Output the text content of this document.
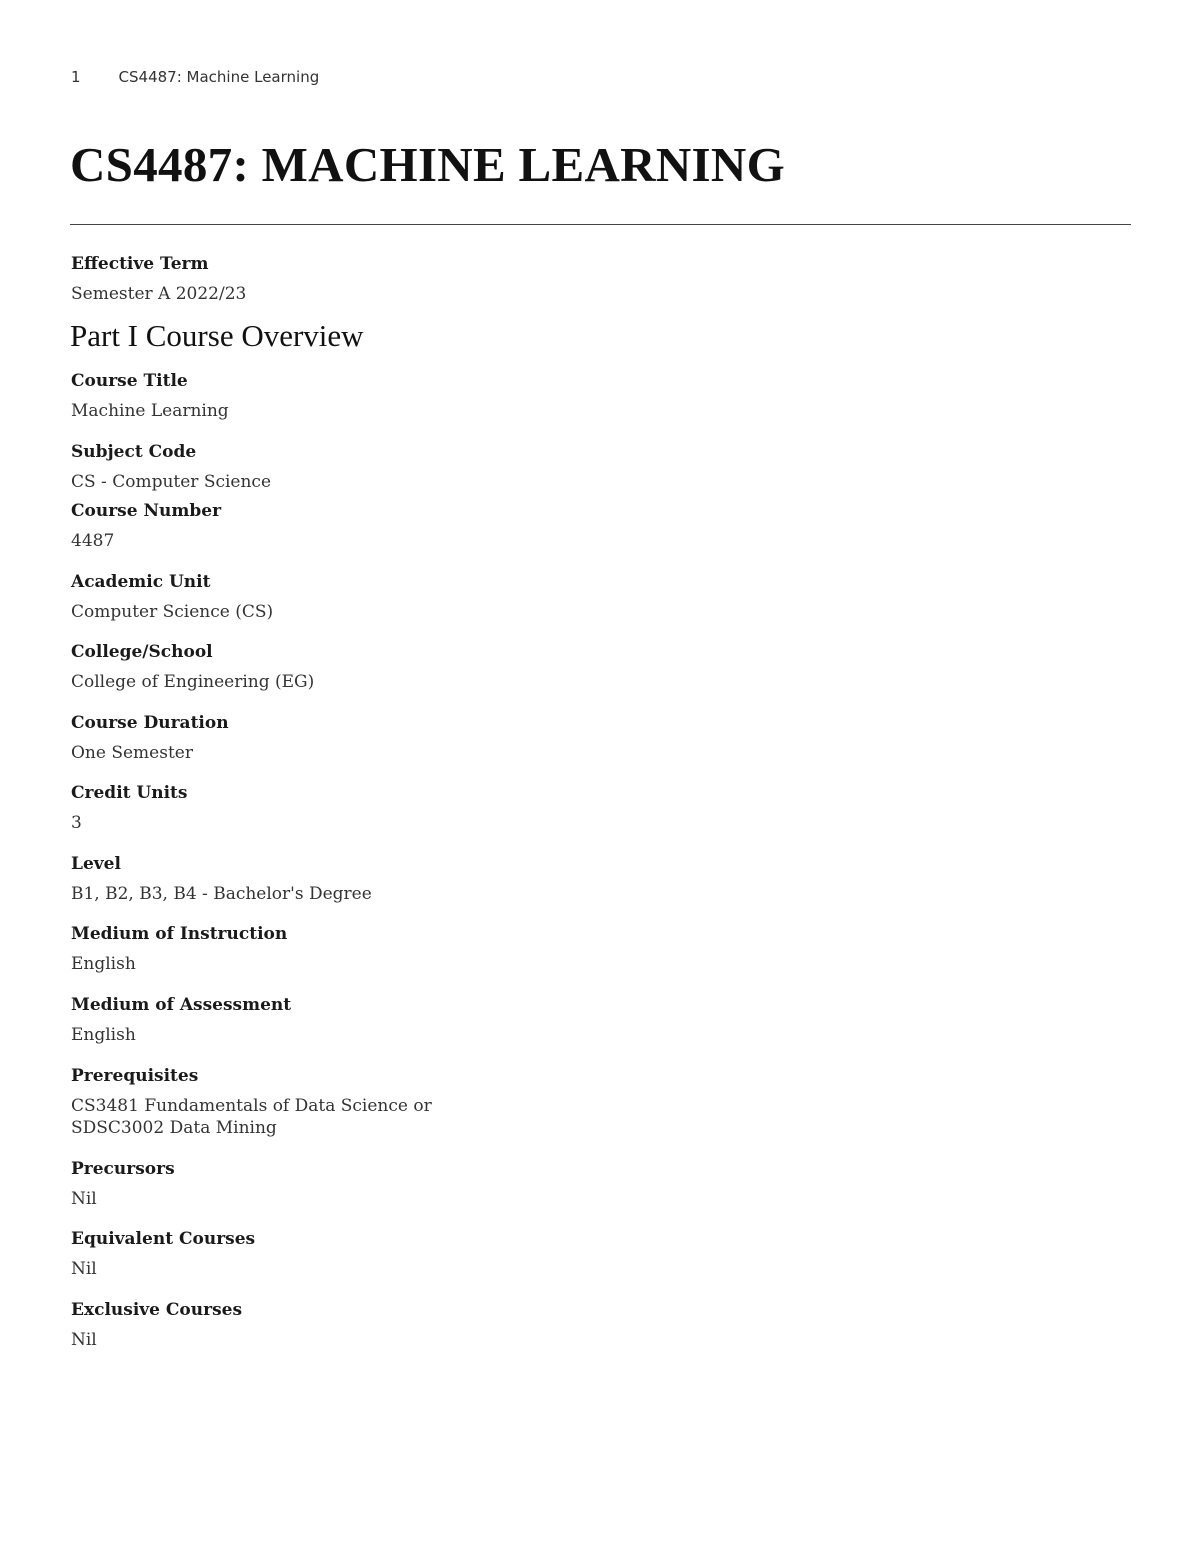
1	CS4487: Machine Learning
CS4487: MACHINE LEARNING
Effective Term
Semester A 2022/23
Part I Course Overview
Course Title
Machine Learning
Subject Code
CS - Computer Science
Course Number
4487
Academic Unit
Computer Science (CS)
College/School
College of Engineering (EG)
Course Duration
One Semester
Credit Units
3
Level
B1, B2, B3, B4 - Bachelor's Degree
Medium of Instruction
English
Medium of Assessment
English
Prerequisites
CS3481 Fundamentals of Data Science or
SDSC3002 Data Mining
Precursors
Nil
Equivalent Courses
Nil
Exclusive Courses
Nil
